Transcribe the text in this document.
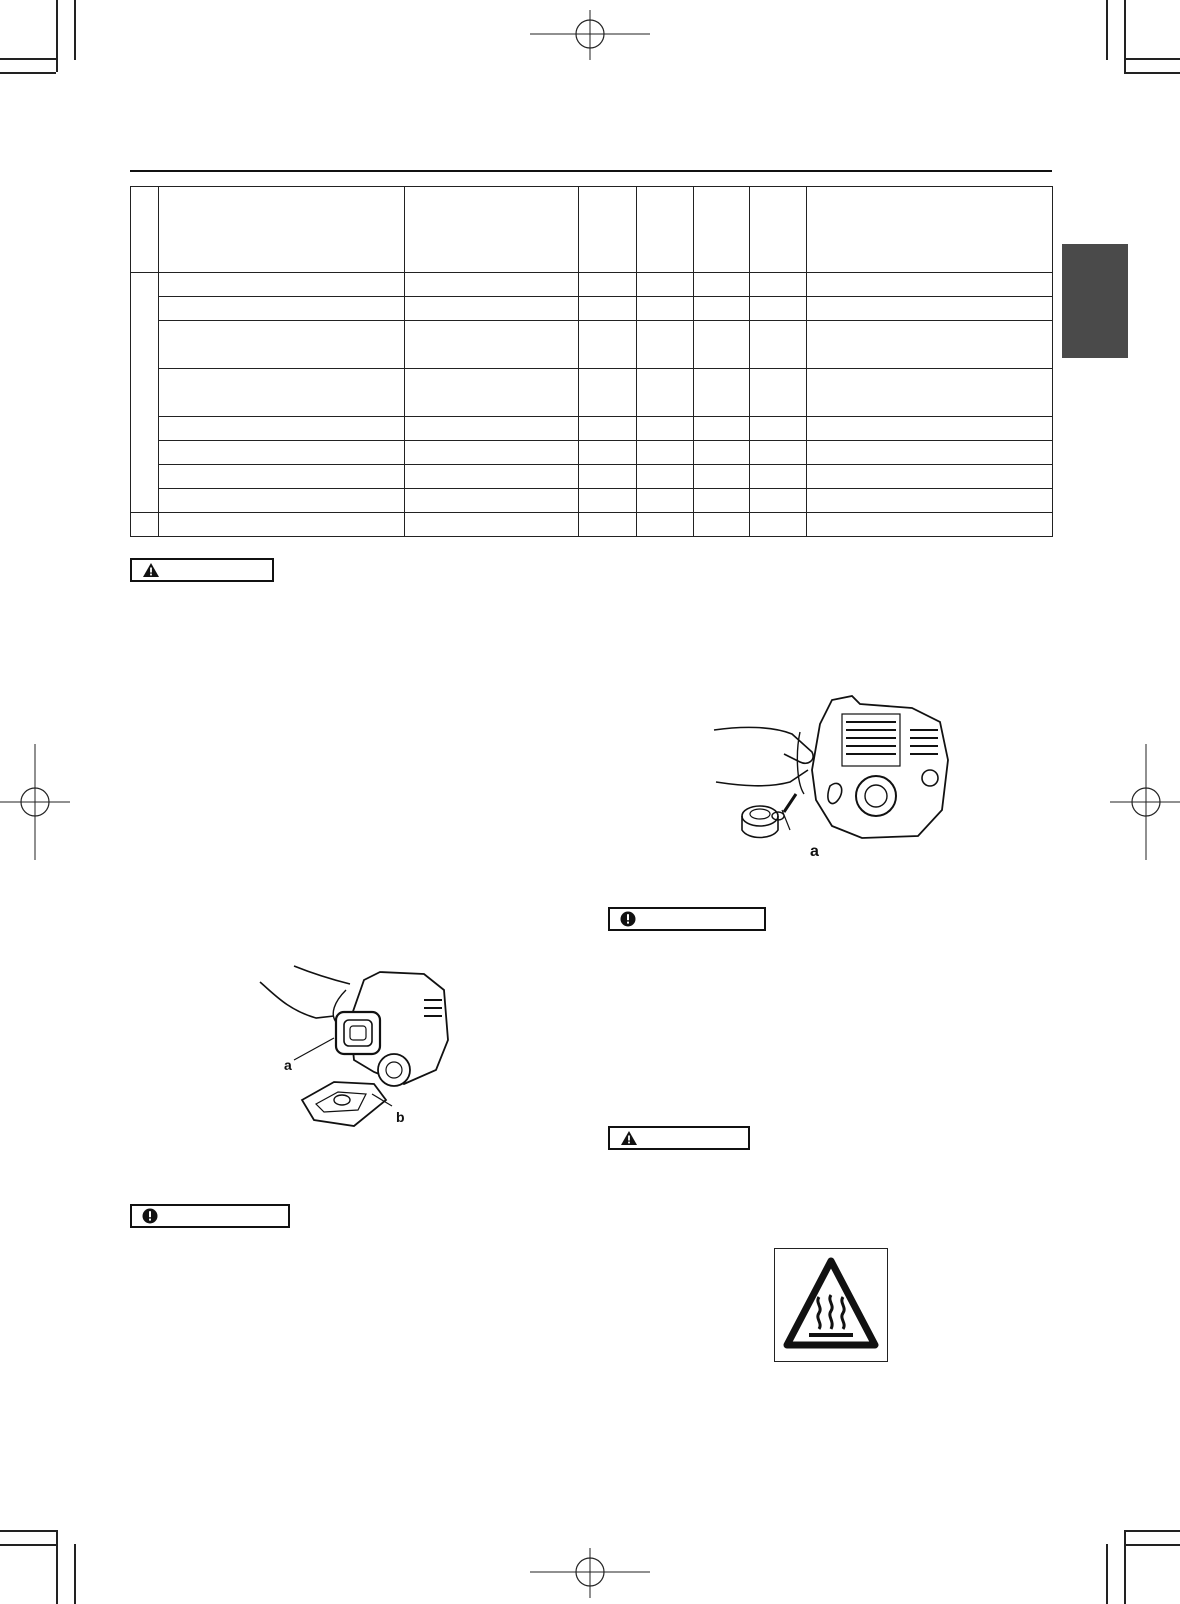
a
a
b
